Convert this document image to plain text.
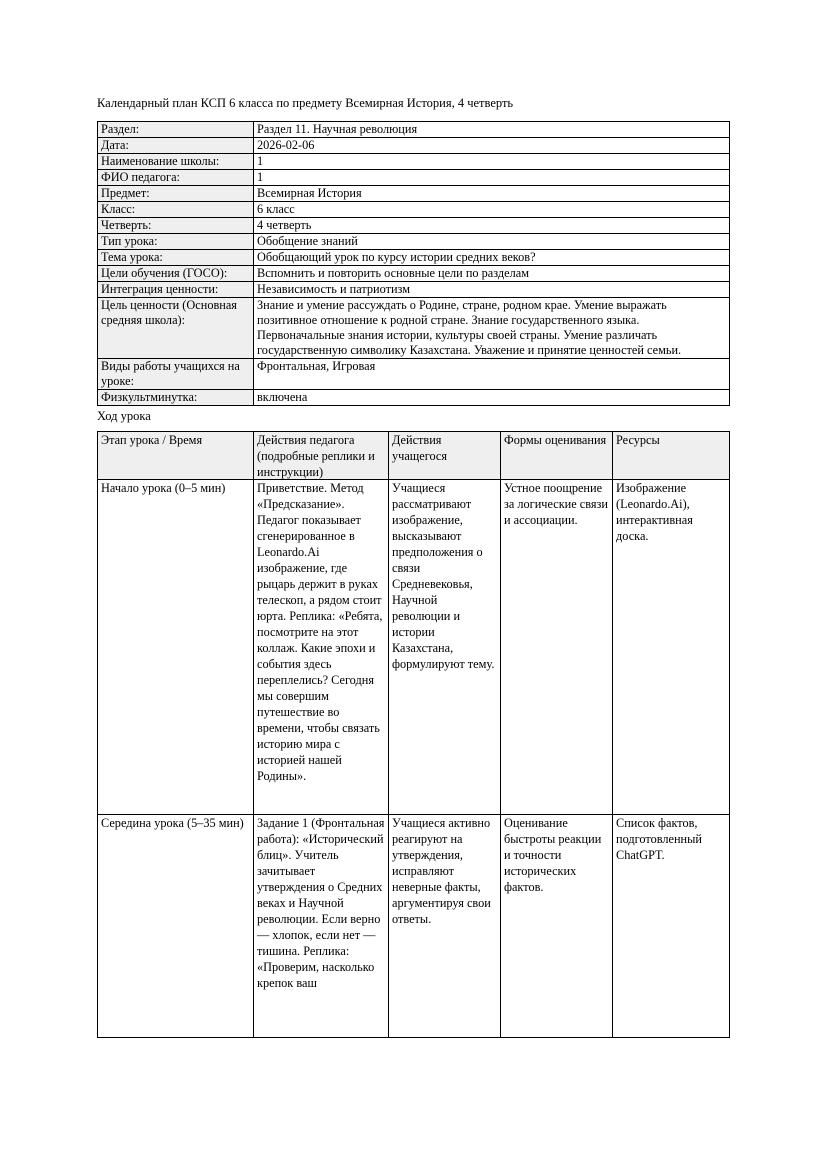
Календарный план КСП 6 класса по предмету Всемирная История, 4 четверть

Раздел:	Раздел 11. Научная революция
Дата:	2026-02-06
Наименование школы:	1
ФИО педагога:	1
Предмет:	Всемирная История
Класс:	6 класс
Четверть:	4 четверть
Тип урока:	Обобщение знаний
Тема урока:	Обобщающий урок по курсу истории средних веков?
Цели обучения (ГОСО):	Вспомнить и повторить основные цели по разделам
Интеграция ценности:	Независимость и патриотизм
Цель ценности (Основная средняя школа):	Знание и умение рассуждать о Родине, стране, родном крае. Умение выражать позитивное отношение к родной стране. Знание государственного языка. Первоначальные знания истории, культуры своей страны. Умение различать государственную символику Казахстана. Уважение и принятие ценностей семьи.
Виды работы учащихся на уроке:	Фронтальная, Игровая
Физкультминутка:	включена

Ход урока

Этап урока / Время	Действия педагога (подробные реплики и инструкции)	Действия учащегося	Формы оценивания	Ресурсы

Начало урока (0–5 мин)	Приветствие. Метод «Предсказание». Педагог показывает сгенерированное в Leonardo.Ai изображение, где рыцарь держит в руках телескоп, а рядом стоит юрта. Реплика: «Ребята, посмотрите на этот коллаж. Какие эпохи и события здесь переплелись? Сегодня мы совершим путешествие во времени, чтобы связать историю мира с историей нашей Родины».	Учащиеся рассматривают изображение, высказывают предположения о связи Средневековья, Научной революции и истории Казахстана, формулируют тему.	Устное поощрение за логические связи и ассоциации.	Изображение (Leonardo.Ai), интерактивная доска.

Середина урока (5–35 мин)	Задание 1 (Фронтальная работа): «Исторический блиц». Учитель зачитывает утверждения о Средних веках и Научной революции. Если верно — хлопок, если нет — тишина. Реплика: «Проверим, насколько крепок ваш	Учащиеся активно реагируют на утверждения, исправляют неверные факты, аргументируя свои ответы.	Оценивание быстроты реакции и точности исторических фактов.	Список фактов, подготовленный ChatGPT.
